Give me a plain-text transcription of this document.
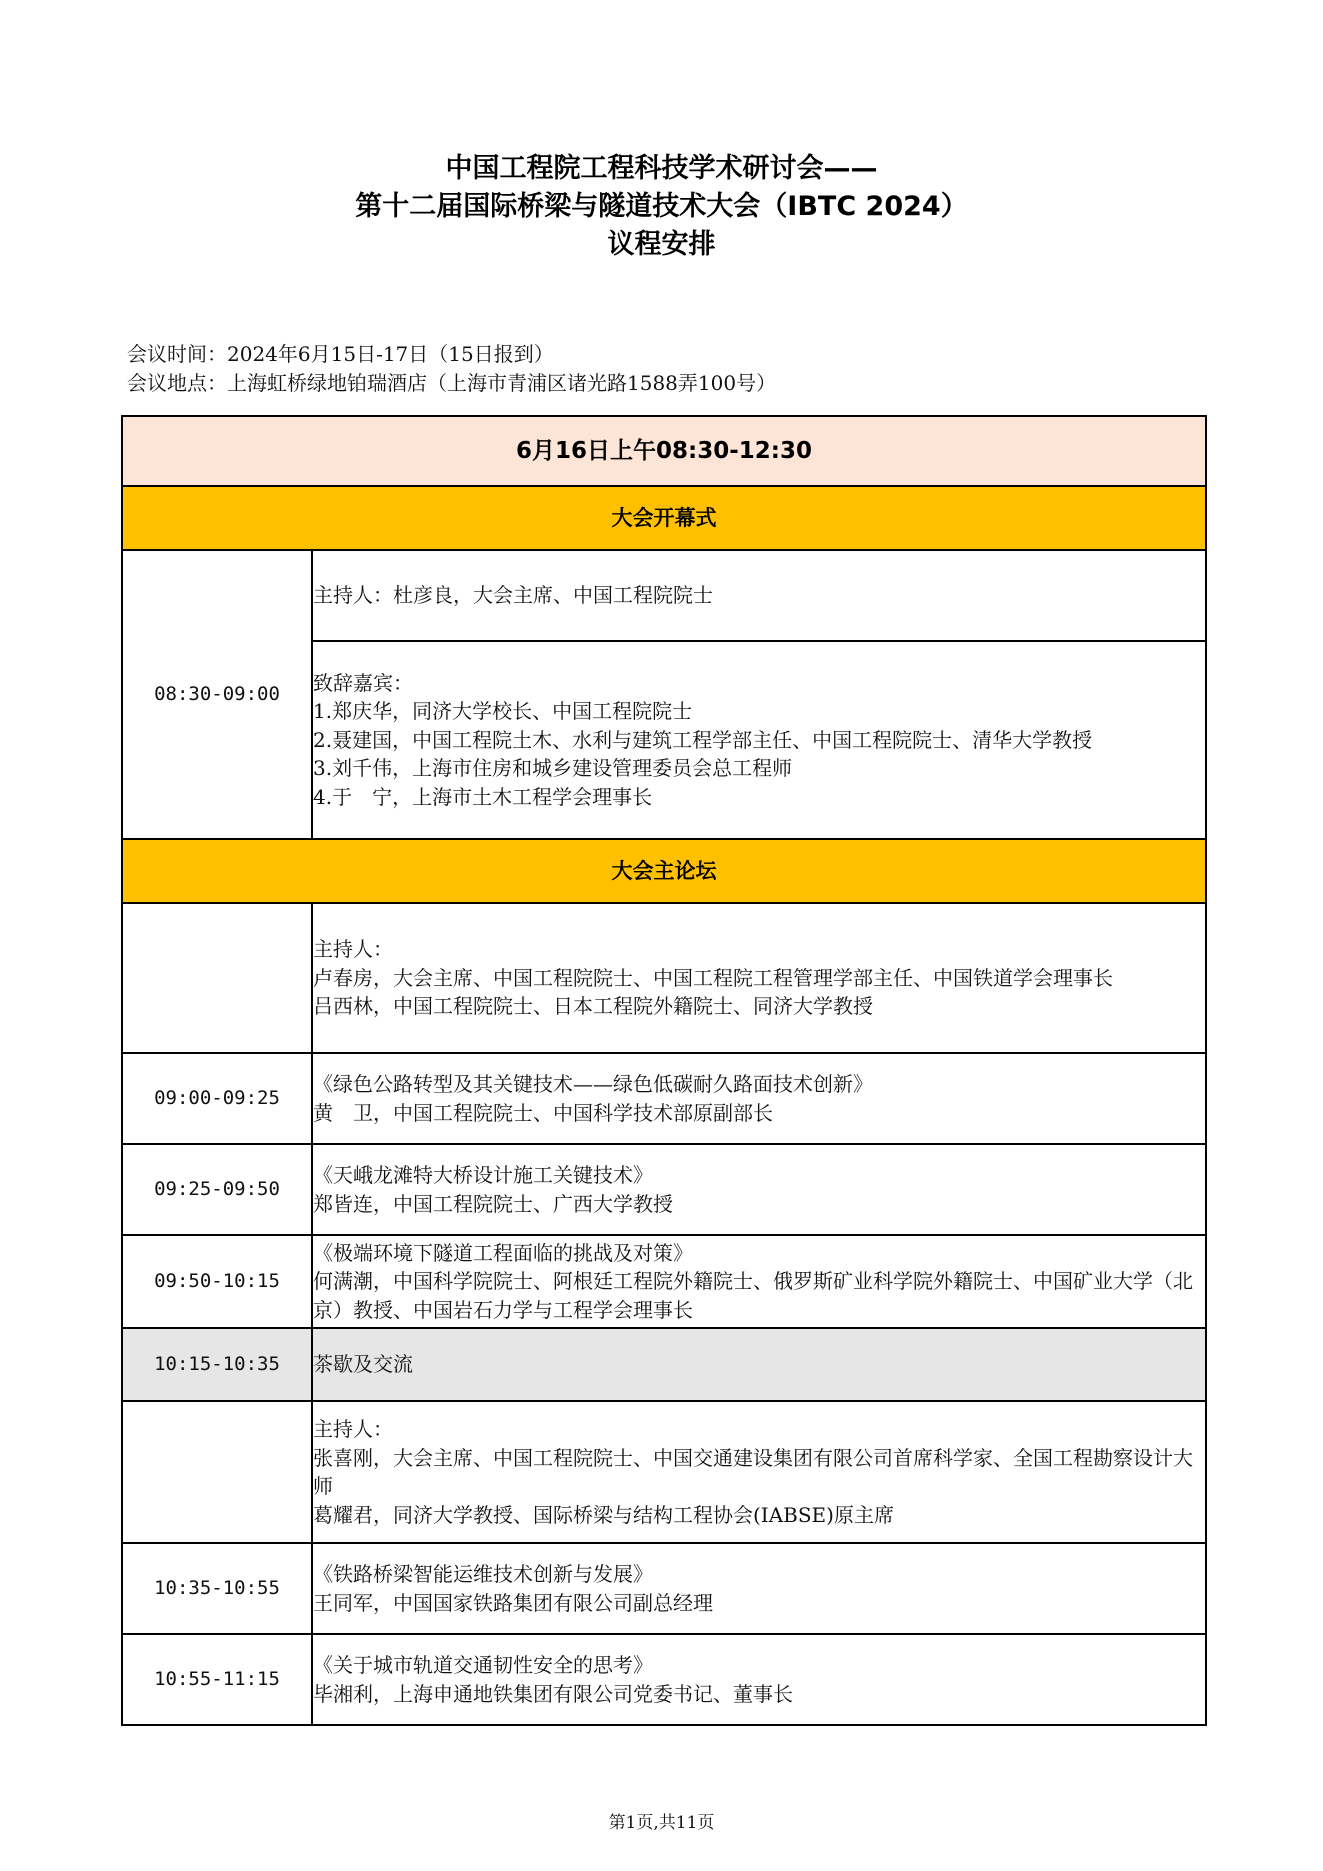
中国工程院工程科技学术研讨会——
第十二届国际桥梁与隧道技术大会（IBTC 2024）
议程安排
会议时间：2024年6月15日-17日（15日报到）
会议地点：上海虹桥绿地铂瑞酒店（上海市青浦区诸光路1588弄100号）
6月16日上午08:30-12:30	
大会开幕式	
08:30-09:00	主持人：杜彦良，大会主席、中国工程院院士

	致辞嘉宾：
1.郑庆华，同济大学校长、中国工程院院士
2.聂建国，中国工程院土木、水利与建筑工程学部主任、中国工程院院士、清华大学教授
3.刘千伟，上海市住房和城乡建设管理委员会总工程师
4.于　宁，上海市土木工程学会理事长

大会主论坛	

	主持人：
卢春房，大会主席、中国工程院院士、中国工程院工程管理学部主任、中国铁道学会理事长
吕西林，中国工程院院士、日本工程院外籍院士、同济大学教授

09:00-09:25	《绿色公路转型及其关键技术——绿色低碳耐久路面技术创新》
黄　卫，中国工程院院士、中国科学技术部原副部长

09:25-09:50	《天峨龙滩特大桥设计施工关键技术》
郑皆连，中国工程院院士、广西大学教授

09:50-10:15	《极端环境下隧道工程面临的挑战及对策》
何满潮，中国科学院院士、阿根廷工程院外籍院士、俄罗斯矿业科学院外籍院士、中国矿业大学（北京）教授、中国岩石力学与工程学会理事长

10:15-10:35	茶歇及交流

	主持人：
张喜刚，大会主席、中国工程院院士、中国交通建设集团有限公司首席科学家、全国工程勘察设计大师
葛耀君，同济大学教授、国际桥梁与结构工程协会(IABSE)原主席

10:35-10:55	《铁路桥梁智能运维技术创新与发展》
王同军，中国国家铁路集团有限公司副总经理

10:55-11:15	《关于城市轨道交通韧性安全的思考》
毕湘利，上海申通地铁集团有限公司党委书记、董事长
第1页,共11页
